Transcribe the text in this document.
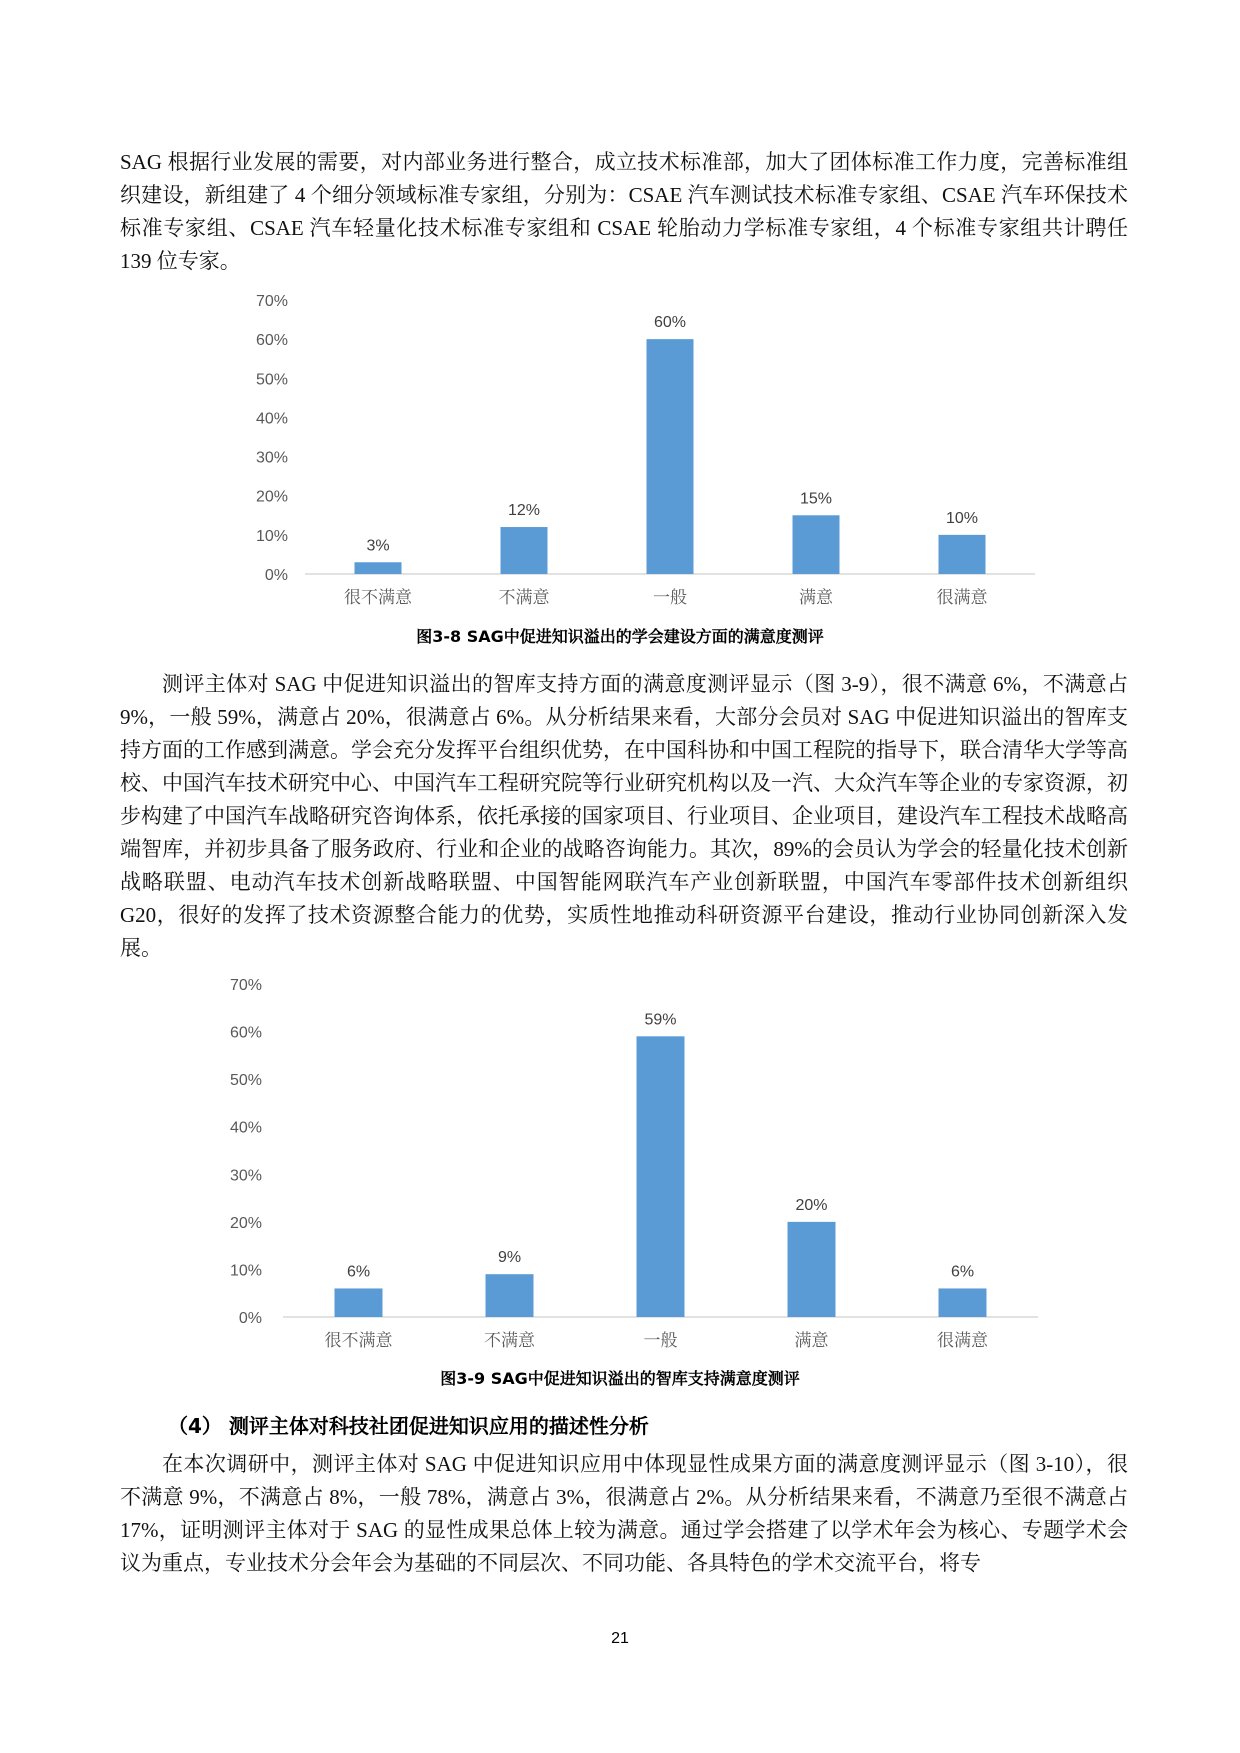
SAG 根据行业发展的需要，对内部业务进行整合，成立技术标准部，加大了团体标准工作力度，完善标准组织建设，新组建了 4 个细分领域标准专家组，分别为：CSAE 汽车测试技术标准专家组、CSAE 汽车环保技术标准专家组、CSAE 汽车轻量化技术标准专家组和 CSAE 轮胎动力学标准专家组，4 个标准专家组共计聘任 139 位专家。

0%
10%
20%
30%
40%
50%
60%
70%
3%
很不满意
12%
不满意
60%
一般
15%
满意
10%
很满意
图3-8 SAG中促进知识溢出的学会建设方面的满意度测评

测评主体对 SAG 中促进知识溢出的智库支持方面的满意度测评显示（图 3-9），很不满意 6%，不满意占 9%，一般 59%，满意占 20%，很满意占 6%。从分析结果来看，大部分会员对 SAG 中促进知识溢出的智库支持方面的工作感到满意。学会充分发挥平台组织优势，在中国科协和中国工程院的指导下，联合清华大学等高校、中国汽车技术研究中心、中国汽车工程研究院等行业研究机构以及一汽、大众汽车等企业的专家资源，初步构建了中国汽车战略研究咨询体系，依托承接的国家项目、行业项目、企业项目，建设汽车工程技术战略高端智库，并初步具备了服务政府、行业和企业的战略咨询能力。其次，89%的会员认为学会的轻量化技术创新战略联盟、电动汽车技术创新战略联盟、中国智能网联汽车产业创新联盟，中国汽车零部件技术创新组织 G20，很好的发挥了技术资源整合能力的优势，实质性地推动科研资源平台建设，推动行业协同创新深入发展。

0%
10%
20%
30%
40%
50%
60%
70%
6%
很不满意
9%
不满意
59%
一般
20%
满意
6%
很满意
图3-9 SAG中促进知识溢出的智库支持满意度测评
（4） 测评主体对科技社团促进知识应用的描述性分析

在本次调研中，测评主体对 SAG 中促进知识应用中体现显性成果方面的满意度测评显示（图 3-10），很不满意 9%，不满意占 8%，一般 78%，满意占 3%，很满意占 2%。从分析结果来看，不满意乃至很不满意占 17%，证明测评主体对于 SAG 的显性成果总体上较为满意。通过学会搭建了以学术年会为核心、专题学术会议为重点，专业技术分会年会为基础的不同层次、不同功能、各具特色的学术交流平台，将专

21
